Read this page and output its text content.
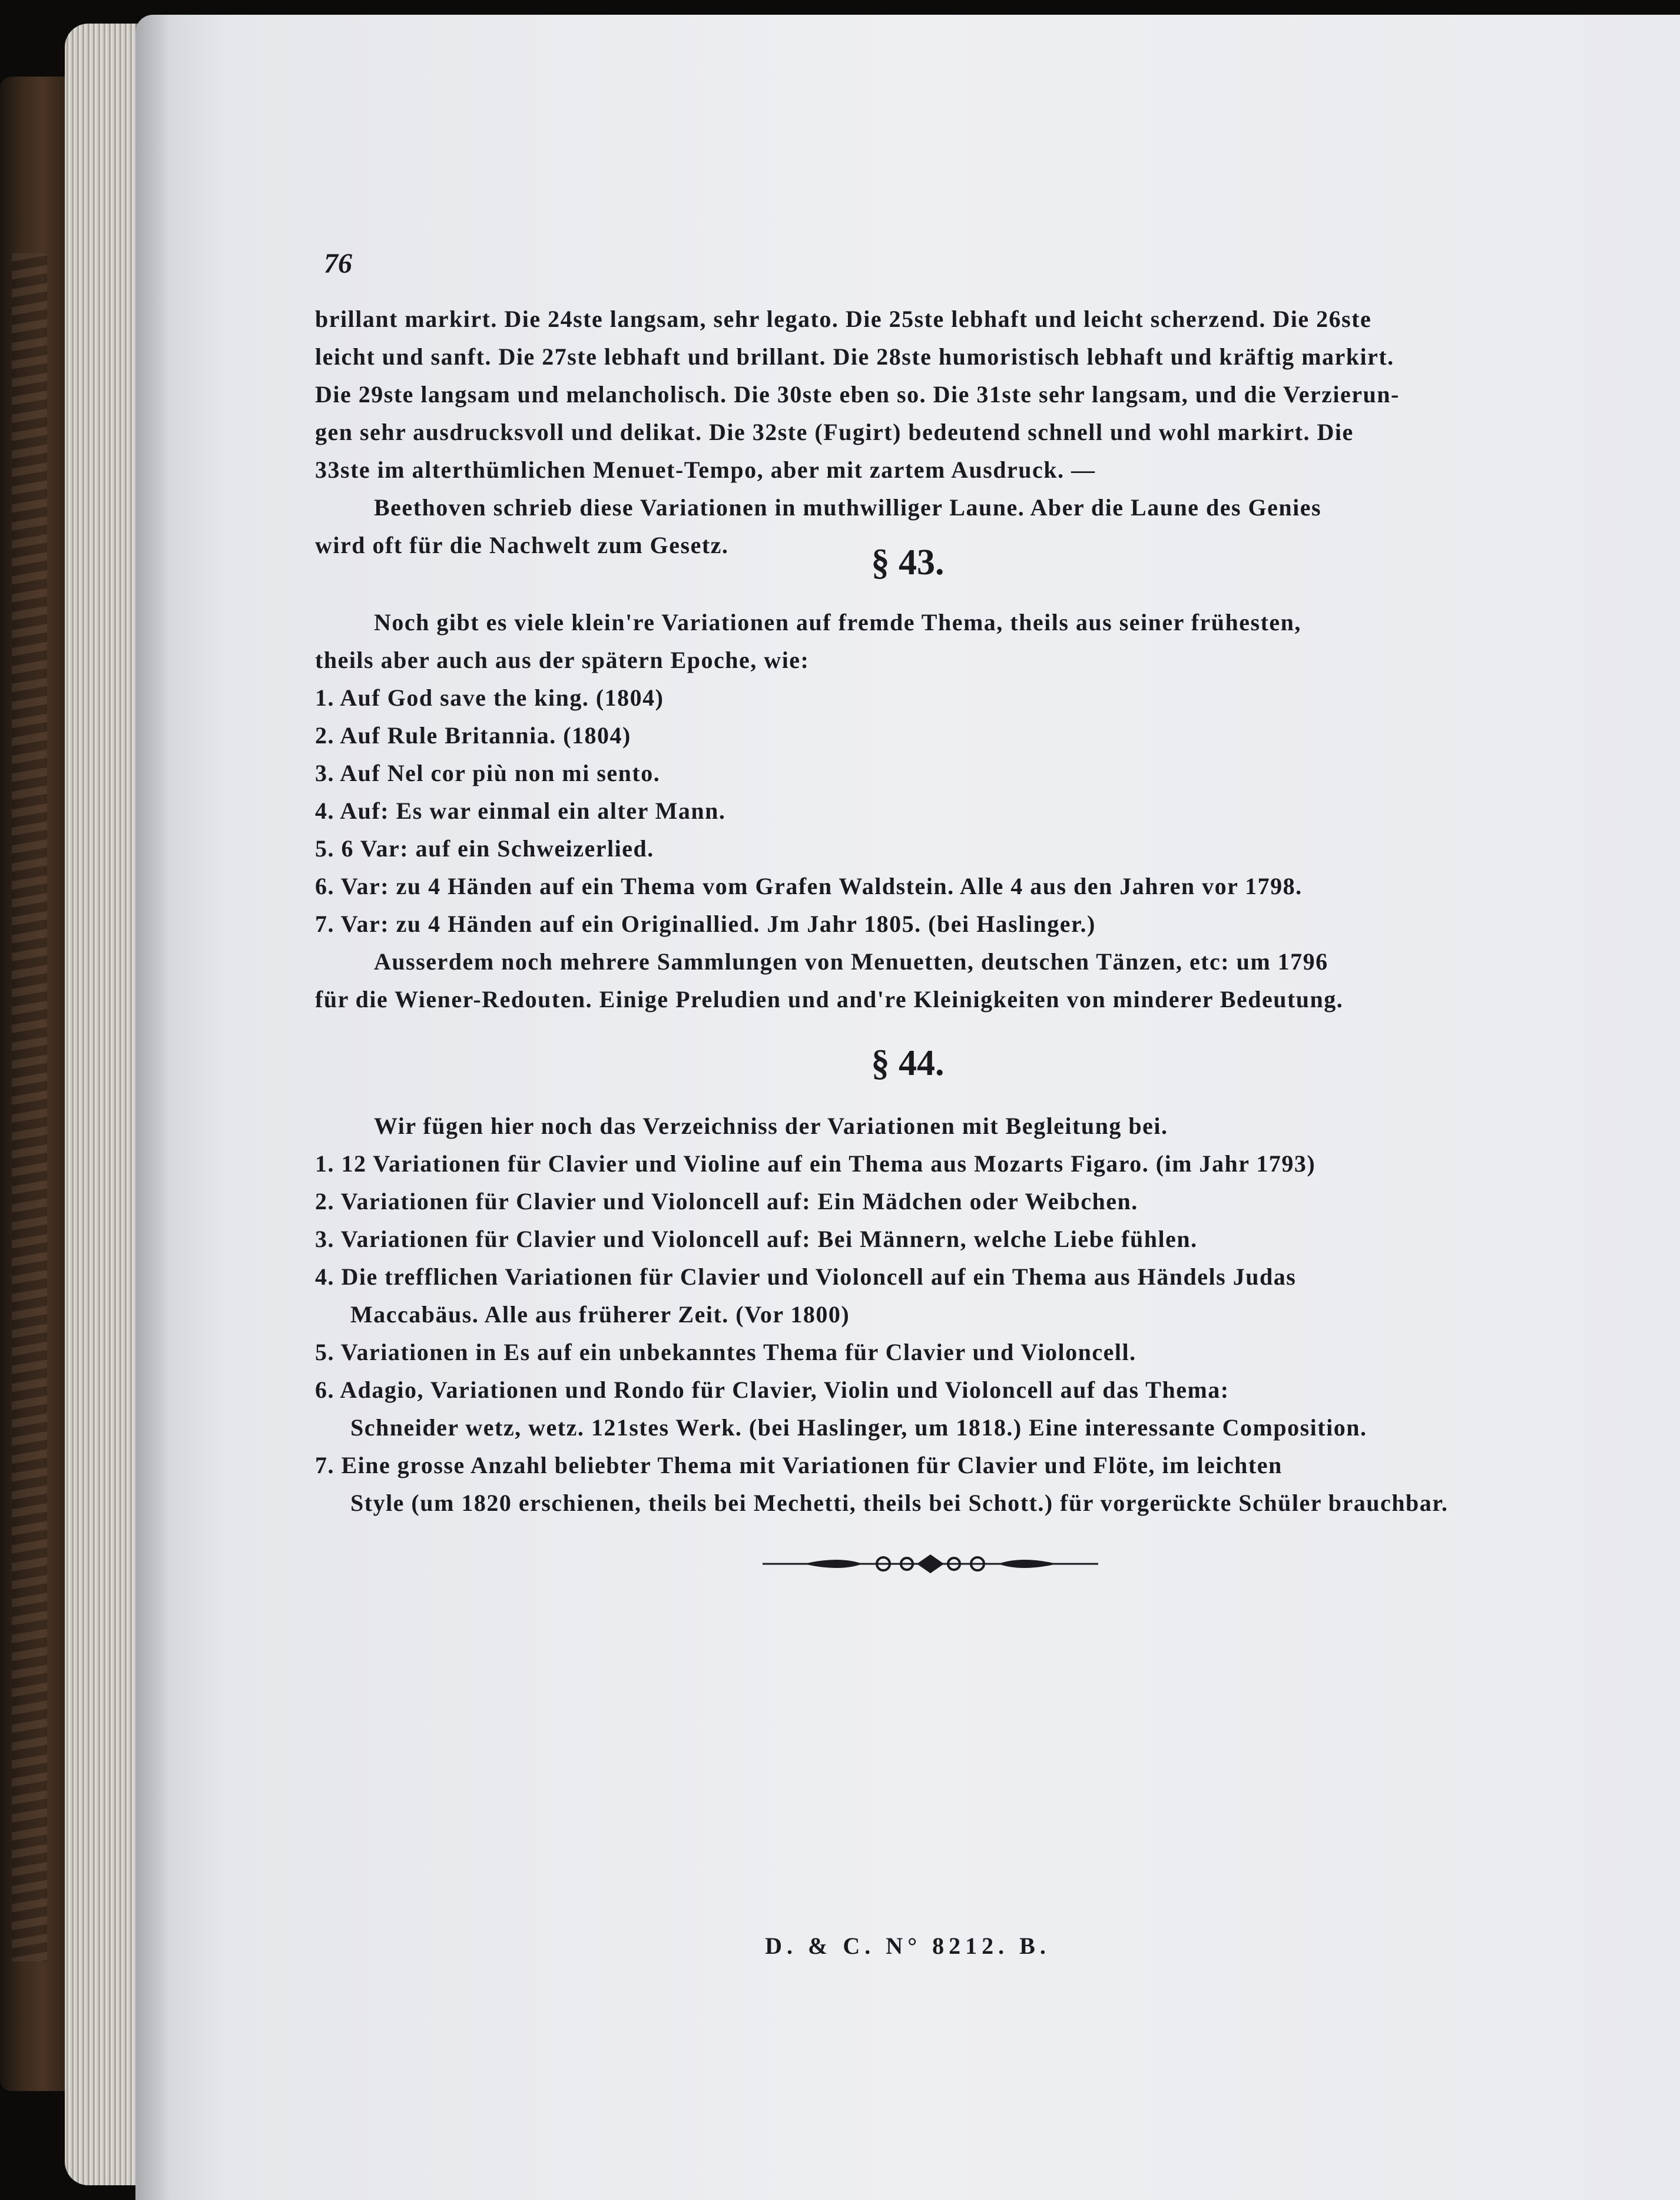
76
brillant markirt. Die 24ste langsam, sehr legato. Die 25ste lebhaft und leicht scherzend. Die 26ste
leicht und sanft. Die 27ste lebhaft und brillant. Die 28ste humoristisch lebhaft und kräftig markirt.
Die 29ste langsam und melancholisch. Die 30ste eben so. Die 31ste sehr langsam, und die Verzierun-
gen sehr ausdrucksvoll und delikat. Die 32ste (Fugirt) bedeutend schnell und wohl markirt. Die
33ste im alterthümlichen Menuet-Tempo, aber mit zartem Ausdruck. —
Beethoven schrieb diese Variationen in muthwilliger Laune. Aber die Laune des Genies
wird oft für die Nachwelt zum Gesetz.	§ 43.
Noch gibt es viele klein're Variationen auf fremde Thema, theils aus seiner frühesten,
theils aber auch aus der spätern Epoche, wie:
1. Auf God save the king. (1804)
2. Auf Rule Britannia. (1804)
3. Auf Nel cor più non mi sento.
4. Auf: Es war einmal ein alter Mann.
5. 6 Var: auf ein Schweizerlied.
6. Var: zu 4 Händen auf ein Thema vom Grafen Waldstein. Alle 4 aus den Jahren vor 1798.
7. Var: zu 4 Händen auf ein Originallied. Jm Jahr 1805. (bei Haslinger.)
Ausserdem noch mehrere Sammlungen von Menuetten, deutschen Tänzen, etc: um 1796
für die Wiener-Redouten. Einige Preludien und and're Kleinigkeiten von minderer Bedeutung.
§ 44.
Wir fügen hier noch das Verzeichniss der Variationen mit Begleitung bei.
1. 12 Variationen für Clavier und Violine auf ein Thema aus Mozarts Figaro. (im Jahr 1793)
2. Variationen für Clavier und Violoncell auf: Ein Mädchen oder Weibchen.
3. Variationen für Clavier und Violoncell auf: Bei Männern, welche Liebe fühlen.
4. Die trefflichen Variationen für Clavier und Violoncell auf ein Thema aus Händels Judas
Maccabäus. Alle aus früherer Zeit. (Vor 1800)
5. Variationen in Es auf ein unbekanntes Thema für Clavier und Violoncell.
6. Adagio, Variationen und Rondo für Clavier, Violin und Violoncell auf das Thema:
Schneider wetz, wetz. 121stes Werk. (bei Haslinger, um 1818.) Eine interessante Composition.
7. Eine grosse Anzahl beliebter Thema mit Variationen für Clavier und Flöte, im leichten
Style (um 1820 erschienen, theils bei Mechetti, theils bei Schott.) für vorgerückte Schüler brauchbar.
D. & C. N° 8212. B.
